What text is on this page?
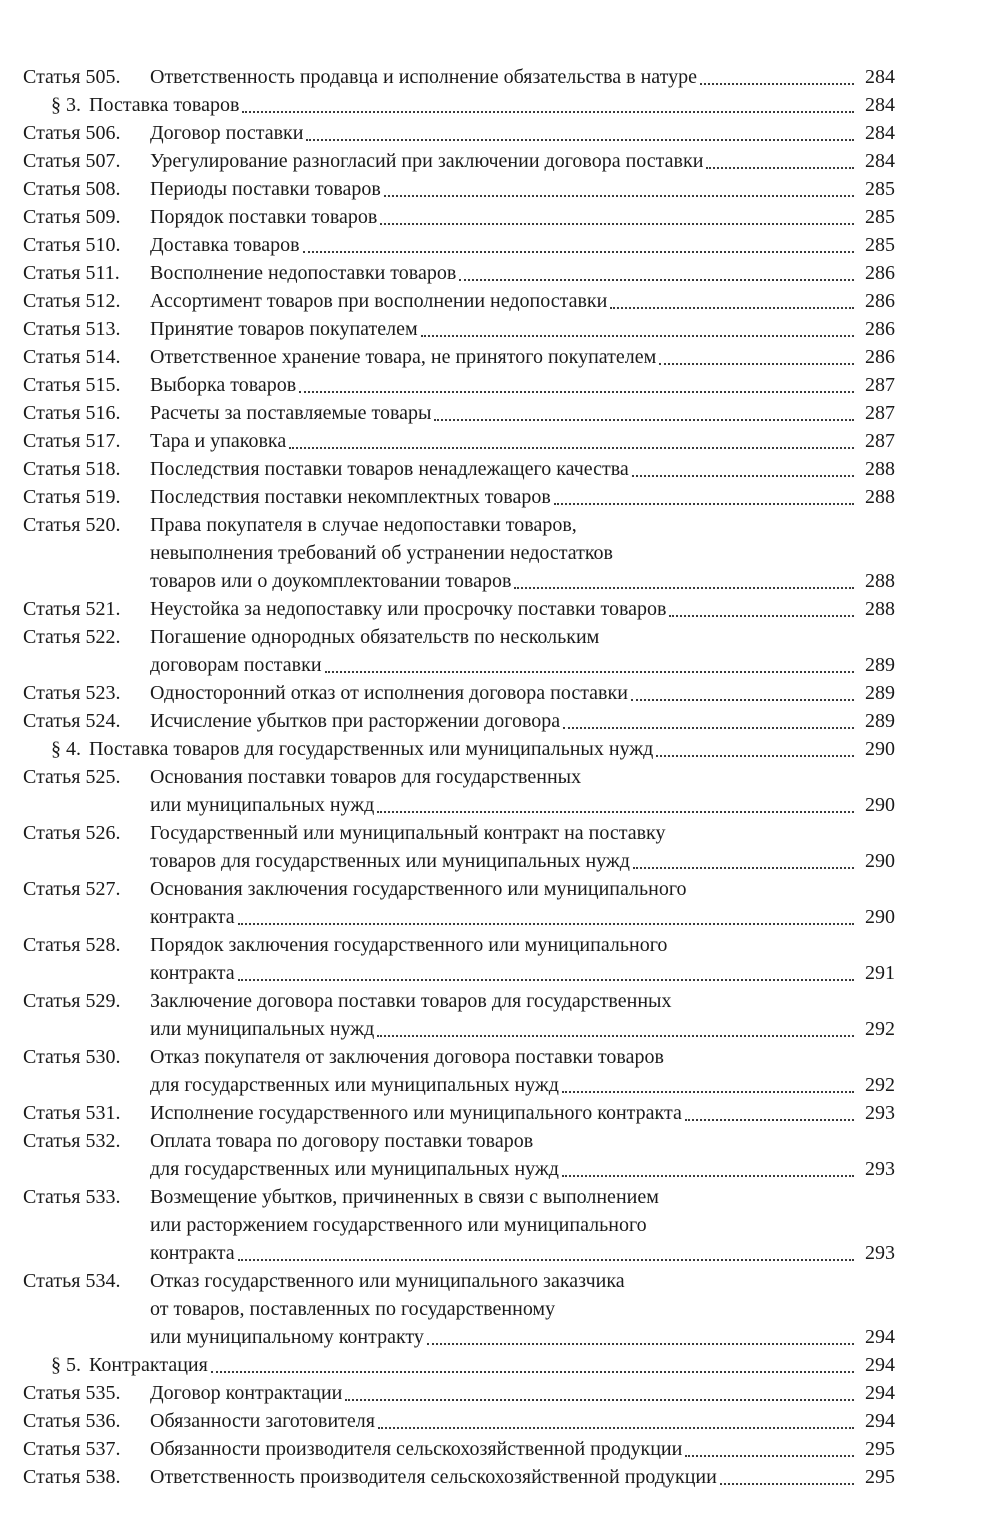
Статья 505.	Ответственность продавца и исполнение обязательства в натуре	284
§ 3. Поставка товаров	284
Статья 506.	Договор поставки	284
Статья 507.	Урегулирование разногласий при заключении договора поставки	284
Статья 508.	Периоды поставки товаров	285
Статья 509.	Порядок поставки товаров	285
Статья 510.	Доставка товаров	285
Статья 511.	Восполнение недопоставки товаров	286
Статья 512.	Ассортимент товаров при восполнении недопоставки	286
Статья 513.	Принятие товаров покупателем	286
Статья 514.	Ответственное хранение товара, не принятого покупателем	286
Статья 515.	Выборка товаров	287
Статья 516.	Расчеты за поставляемые товары	287
Статья 517.	Тара и упаковка	287
Статья 518.	Последствия поставки товаров ненадлежащего качества	288
Статья 519.	Последствия поставки некомплектных товаров	288
Статья 520.	Права покупателя в случае недопоставки товаров,
невыполнения требований об устранении недостатков
товаров или о доукомплектовании товаров	288
Статья 521.	Неустойка за недопоставку или просрочку поставки товаров	288
Статья 522.	Погашение однородных обязательств по нескольким
договорам поставки	289
Статья 523.	Односторонний отказ от исполнения договора поставки	289
Статья 524.	Исчисление убытков при расторжении договора	289
§ 4. Поставка товаров для государственных или муниципальных нужд	290
Статья 525.	Основания поставки товаров для государственных
или муниципальных нужд	290
Статья 526.	Государственный или муниципальный контракт на поставку
товаров для государственных или муниципальных нужд	290
Статья 527.	Основания заключения государственного или муниципального
контракта	290
Статья 528.	Порядок заключения государственного или муниципального
контракта	291
Статья 529.	Заключение договора поставки товаров для государственных
или муниципальных нужд	292
Статья 530.	Отказ покупателя от заключения договора поставки товаров
для государственных или муниципальных нужд	292
Статья 531.	Исполнение государственного или муниципального контракта	293
Статья 532.	Оплата товара по договору поставки товаров
для государственных или муниципальных нужд	293
Статья 533.	Возмещение убытков, причиненных в связи с выполнением
или расторжением государственного или муниципального
контракта	293
Статья 534.	Отказ государственного или муниципального заказчика
от товаров, поставленных по государственному
или муниципальному контракту	294
§ 5. Контрактация	294
Статья 535.	Договор контрактации	294
Статья 536.	Обязанности заготовителя	294
Статья 537.	Обязанности производителя сельскохозяйственной продукции	295
Статья 538.	Ответственность производителя сельскохозяйственной продукции	295
